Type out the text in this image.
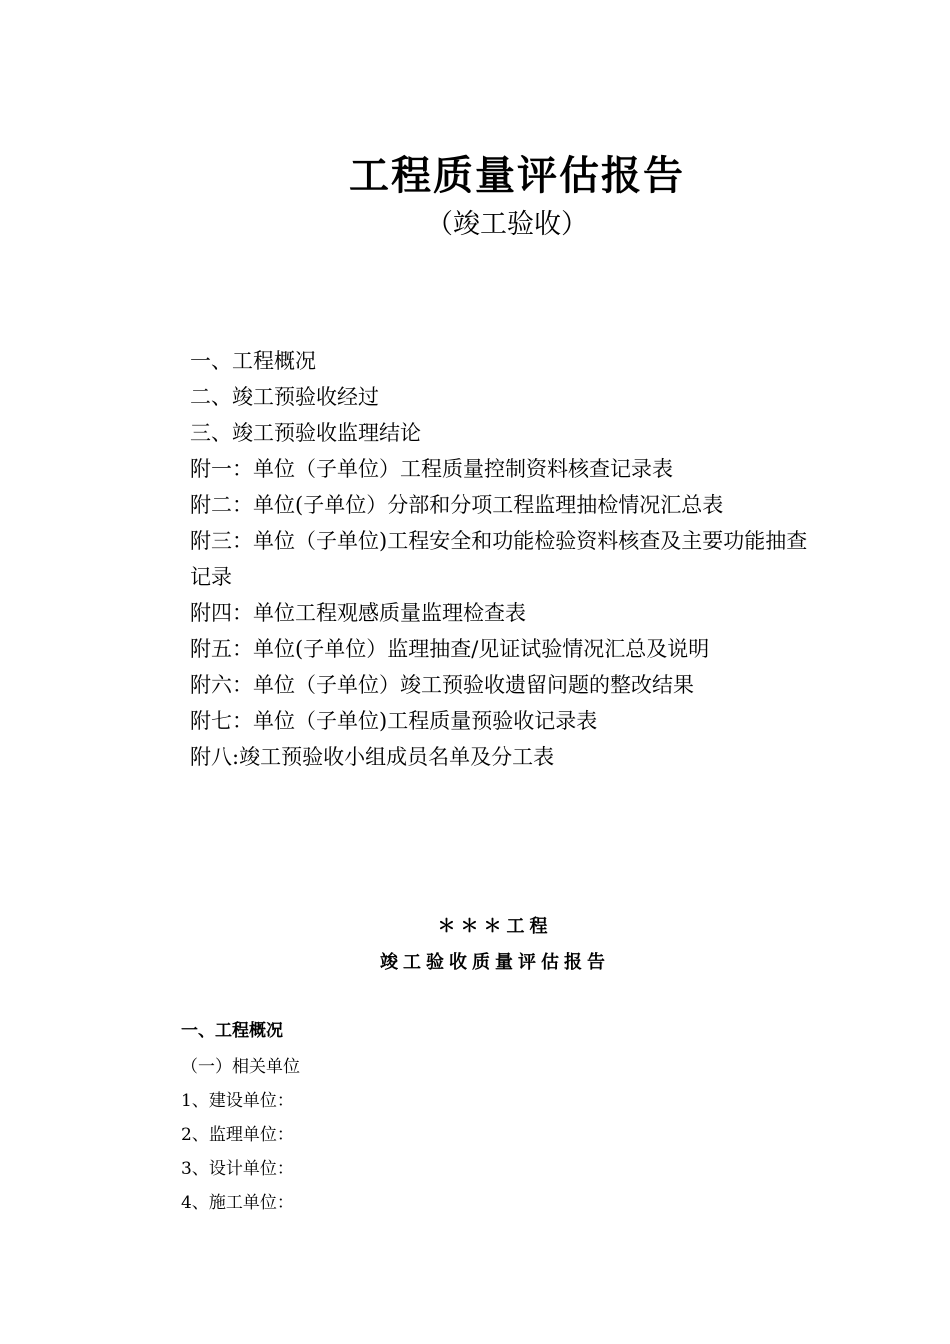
工程质量评估报告
（竣工验收）
一、工程概况
二、竣工预验收经过
三、竣工预验收监理结论
附一：单位（子单位）工程质量控制资料核查记录表
附二：单位(子单位）分部和分项工程监理抽检情况汇总表
附三：单位（子单位)工程安全和功能检验资料核查及主要功能抽查记录
附四：单位工程观感质量监理检查表
附五：单位(子单位）监理抽查/见证试验情况汇总及说明
附六：单位（子单位）竣工预验收遗留问题的整改结果
附七：单位（子单位)工程质量预验收记录表
附八:竣工预验收小组成员名单及分工表
＊＊＊工程
竣工验收质量评估报告
一、工程概况
（一）相关单位
1、建设单位：
2、监理单位：
3、设计单位：
4、施工单位：
